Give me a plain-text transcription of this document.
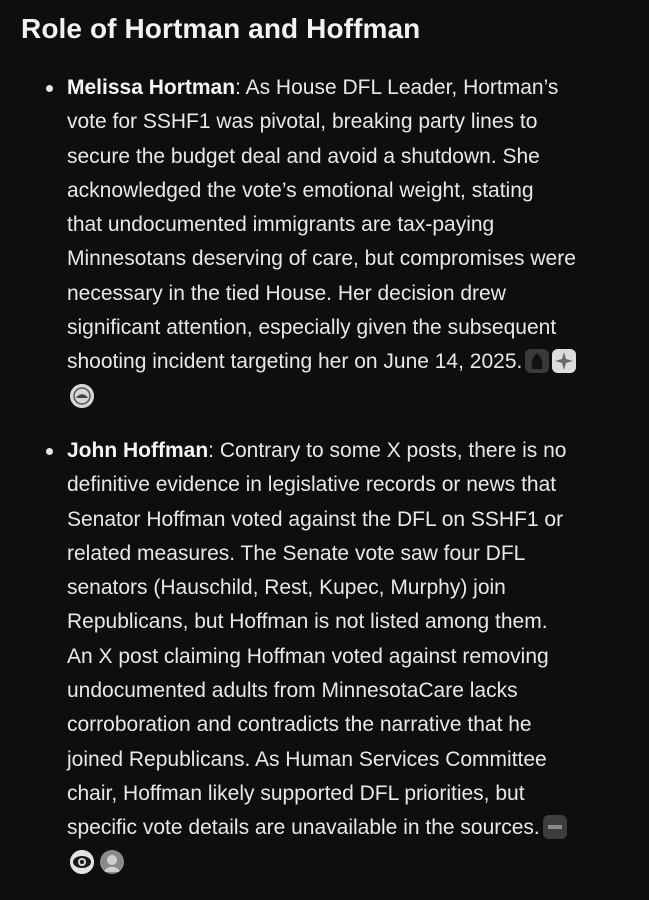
Role of Hortman and Hoffman
Melissa Hortman: As House DFL Leader, Hortman’s
vote for SSHF1 was pivotal, breaking party lines to
secure the budget deal and avoid a shutdown. She
acknowledged the vote’s emotional weight, stating
that undocumented immigrants are tax-paying
Minnesotans deserving of care, but compromises were
necessary in the tied House. Her decision drew
significant attention, especially given the subsequent
shooting incident targeting her on June 14, 2025.
John Hoffman: Contrary to some X posts, there is no
definitive evidence in legislative records or news that
Senator Hoffman voted against the DFL on SSHF1 or
related measures. The Senate vote saw four DFL
senators (Hauschild, Rest, Kupec, Murphy) join
Republicans, but Hoffman is not listed among them.
An X post claiming Hoffman voted against removing
undocumented adults from MinnesotaCare lacks
corroboration and contradicts the narrative that he
joined Republicans. As Human Services Committee
chair, Hoffman likely supported DFL priorities, but
specific vote details are unavailable in the sources.
